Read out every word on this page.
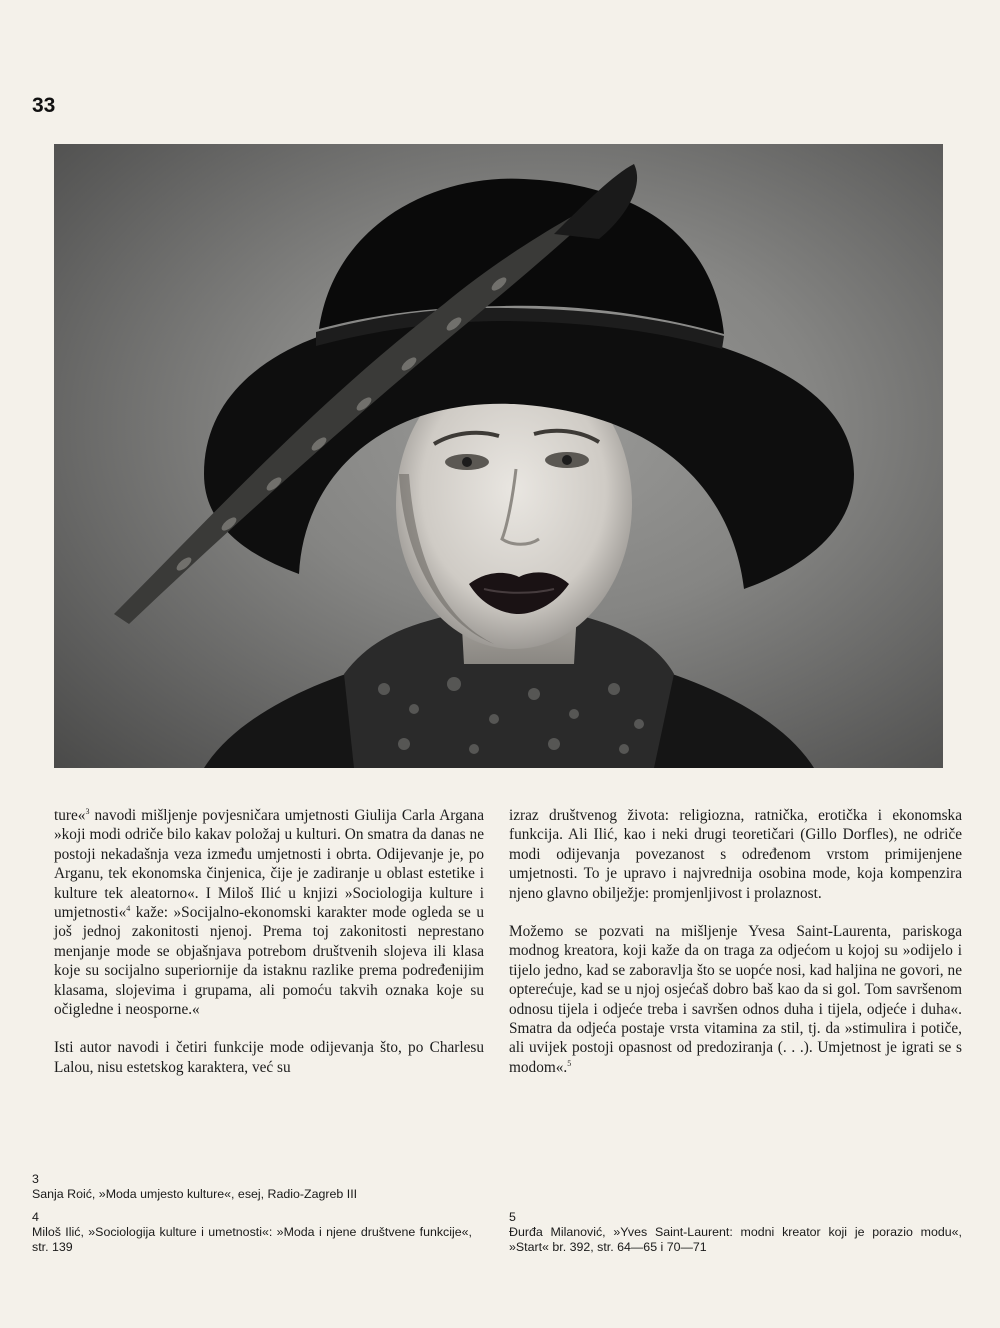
33

ture«$^3$ navodi mišljenje povjesničara umjetnosti Giulija Carla Argana »koji modi odriče bilo kakav položaj u kulturi. On smatra da danas ne postoji nekadašnja veza između umjetnosti i obrta. Odijevanje je, po Arganu, tek ekonomska činjenica, čije je zadiranje u oblast estetike i kulture tek aleatorno«. I Miloš Ilić u knjizi »Sociologija kulture i umjetnosti«$^4$ kaže: »Socijalno-ekonomski karakter mode ogleda se u još jednoj zakonitosti njenoj. Prema toj zakonitosti neprestano menjanje mode se objašnjava potrebom društvenih slojeva ili klasa koje su socijalno superiornije da istaknu razlike prema podređenijim klasama, slojevima i grupama, ali pomoću takvih oznaka koje su očigledne i neosporne.«

Isti autor navodi i četiri funkcije mode odijevanja što, po Charlesu Lalou, nisu estetskog karaktera, već su

izraz društvenog života: religiozna, ratnička, erotička i ekonomska funkcija. Ali Ilić, kao i neki drugi teoretičari (Gillo Dorfles), ne odriče modi odijevanja povezanost s određenom vrstom primijenjene umjetnosti. To je upravo i najvrednija osobina mode, koja kompenzira njeno glavno obilježje: promjenljivost i prolaznost.

Možemo se pozvati na mišljenje Yvesa Saint-Laurenta, pariskoga modnog kreatora, koji kaže da on traga za odjećom u kojoj su »odijelo i tijelo jedno, kad se zaboravlja što se uopće nosi, kad haljina ne govori, ne opterećuje, kad se u njoj osjećaš dobro baš kao da si gol. Tom savršenom odnosu tijela i odjeće treba i savršen odnos duha i tijela, odjeće i duha«. Smatra da odjeća postaje vrsta vitamina za stil, tj. da »stimulira i potiče, ali uvijek postoji opasnost od predoziranja (. . .). Umjetnost je igrati se s modom«.$^5$

3
Sanja Roić, »Moda umjesto kulture«, esej, Radio-Zagreb III
4
Miloš Ilić, »Sociologija kulture i umetnosti«: »Moda i njene društvene funkcije«, str. 139
5
Đurđa Milanović, »Yves Saint-Laurent: modni kreator koji je porazio modu«, »Start« br. 392, str. 64—65 i 70—71
